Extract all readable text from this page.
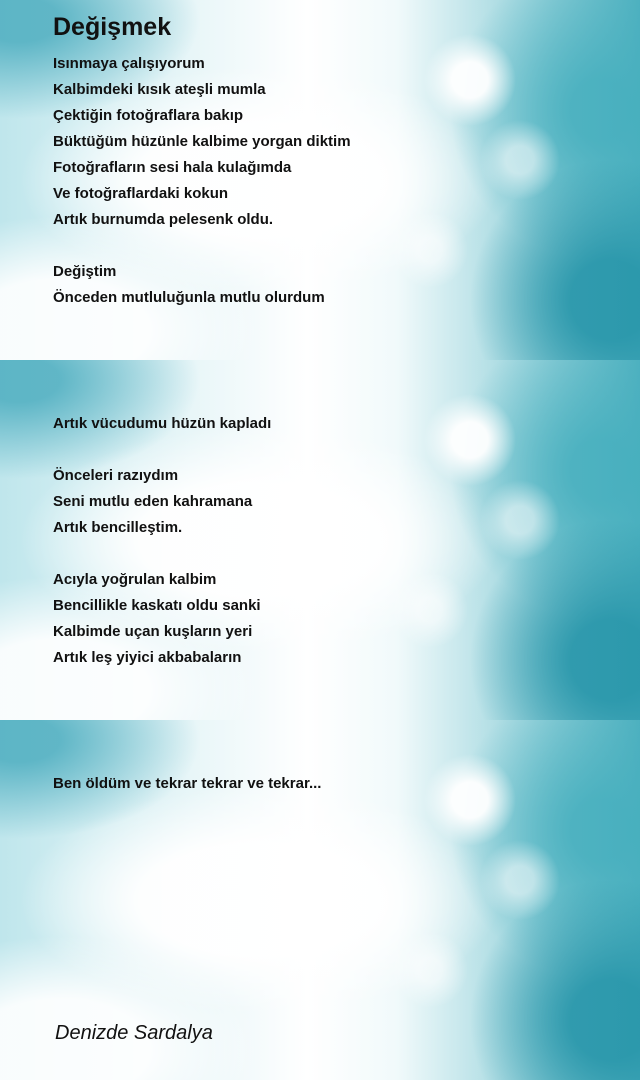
Değişmek
Isınmaya çalışıyorum
Kalbimdeki kısık ateşli mumla
Çektiğin fotoğraflara bakıp
Büktüğüm hüzünle kalbime yorgan diktim
Fotoğrafların sesi hala kulağımda
Ve fotoğraflardaki kokun
Artık burnumda pelesenk oldu.
Değiştim
Önceden mutluluğunla mutlu olurdum
Artık vücudumu hüzün kapladı
Önceleri razıydım
Seni mutlu eden kahramana
Artık bencilleştim.
Acıyla yoğrulan kalbim
Bencillikle kaskatı oldu sanki
Kalbimde uçan kuşların yeri
Artık leş yiyici akbabaların
Ben öldüm ve tekrar tekrar ve tekrar...
Denizde Sardalya
